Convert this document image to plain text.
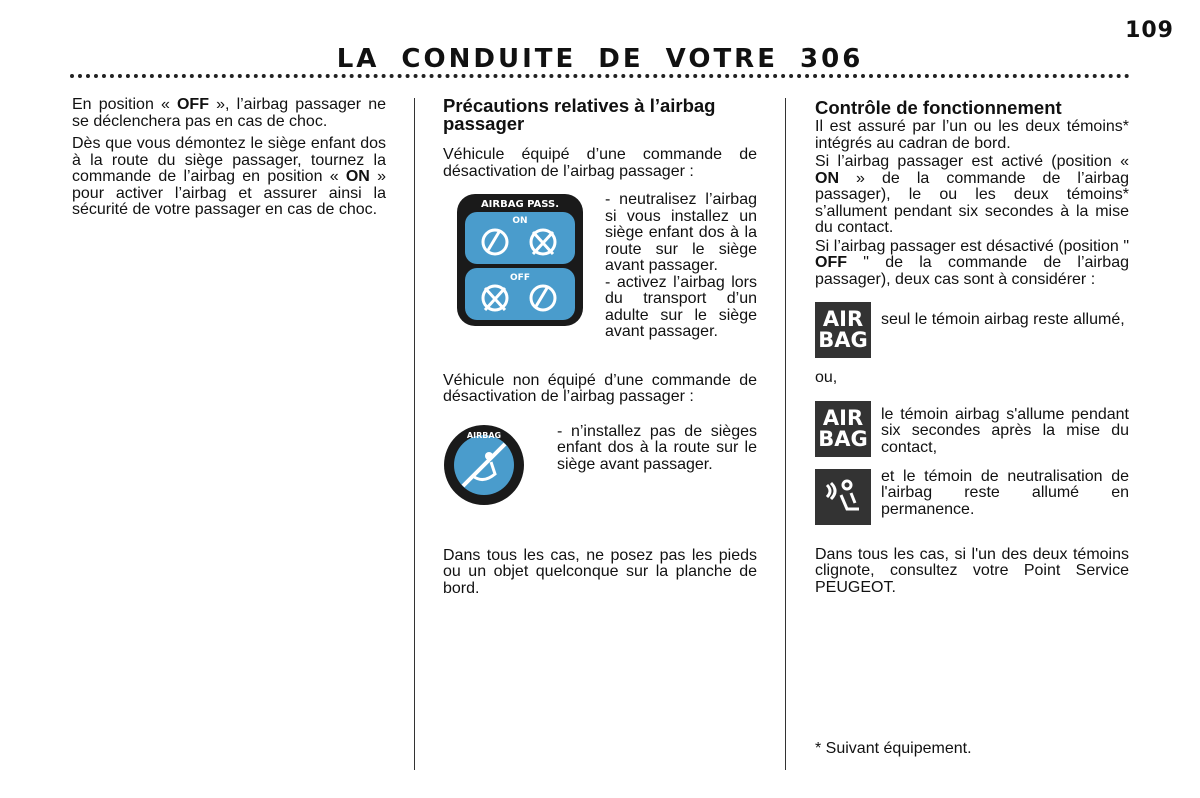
109
LA CONDUITE DE VOTRE 306

En position « OFF », l’airbag passager ne se déclenchera pas en cas de choc.

Dès que vous démontez le siège enfant dos à la route du siège passager, tournez la commande de l’airbag en position « ON » pour activer l’airbag et assurer ainsi la sécurité de votre passager en cas de choc.

Précautions relatives à l’airbag passager

Véhicule équipé d’une commande de désactivation de l’airbag passager :

AIRBAG PASS.
ON
OFF

- neutralisez l’airbag si vous installez un siège enfant dos à la route sur le siège avant passager.

- activez l’airbag lors du transport d’un adulte sur le siège avant passager.

Véhicule non équipé d’une commande de désactivation de l’airbag passager :

AIRBAG	- n’installez pas de sièges enfant dos à la route sur le siège avant passager.

Dans tous les cas, ne posez pas les pieds ou un objet quelconque sur la planche de bord.

Contrôle de fonctionnement

Il est assuré par l’un ou les deux témoins* intégrés au cadran de bord.

Si l’airbag passager est activé (position « ON » de la commande de l’airbag passager), le ou les deux témoins* s’allument pendant six secondes à la mise du contact.

Si l’airbag passager est désactivé (position " OFF " de la commande de l’airbag passager), deux cas sont à considérer :

AIR
BAG

seul le témoin airbag reste allumé,

ou,

AIR
BAG

le témoin airbag s'allume pendant six secondes après la mise du contact,

et le témoin de neutralisation de l'airbag reste allumé en permanence.

Dans tous les cas, si l'un des deux témoins clignote, consultez votre Point Service PEUGEOT.

* Suivant équipement.
